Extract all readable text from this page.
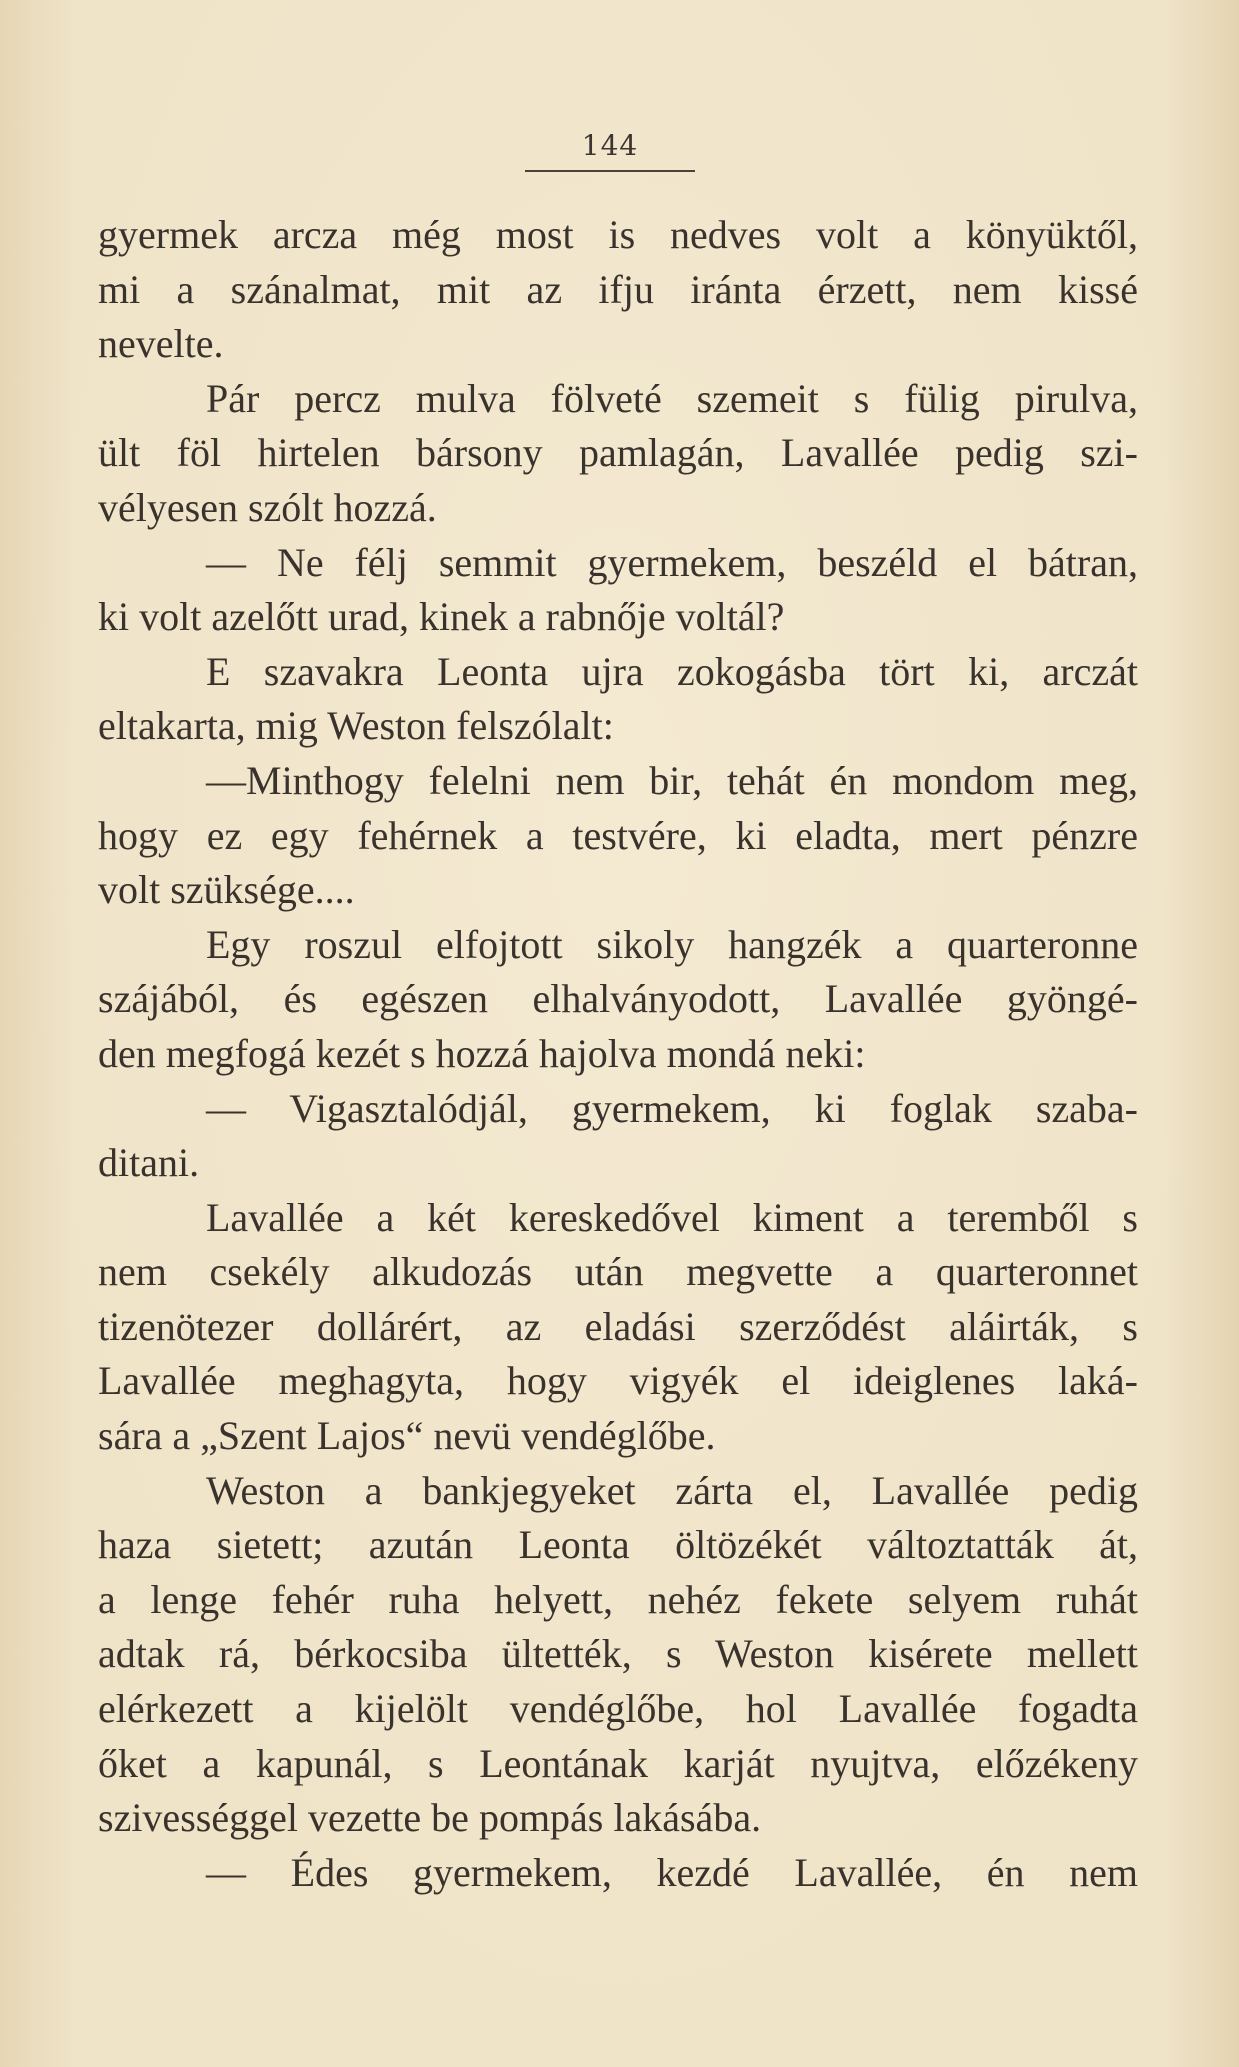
144
gyermek arcza még most is nedves volt a könyüktől,
mi a szánalmat, mit az ifju iránta érzett, nem kissé
nevelte.
Pár percz mulva fölveté szemeit s fülig pirulva,
ült föl hirtelen bársony pamlagán, Lavallée pedig szi-
vélyesen szólt hozzá.
— Ne félj semmit gyermekem, beszéld el bátran,
ki volt azelőtt urad, kinek a rabnője voltál?
E szavakra Leonta ujra zokogásba tört ki, arczát
eltakarta, mig Weston felszólalt:
—Minthogy felelni nem bir, tehát én mondom meg,
hogy ez egy fehérnek a testvére, ki eladta, mert pénzre
volt szüksége....
Egy roszul elfojtott sikoly hangzék a quarteronne
szájából, és egészen elhalványodott, Lavallée gyöngé-
den megfogá kezét s hozzá hajolva mondá neki:
— Vigasztalódjál, gyermekem, ki foglak szaba-
ditani.
Lavallée a két kereskedővel kiment a teremből s
nem csekély alkudozás után megvette a quarteronnet
tizenötezer dollárért, az eladási szerződést aláirták, s
Lavallée meghagyta, hogy vigyék el ideiglenes laká-
sára a „Szent Lajos“ nevü vendéglőbe.
Weston a bankjegyeket zárta el, Lavallée pedig
haza sietett; azután Leonta öltözékét változtatták át,
a lenge fehér ruha helyett, nehéz fekete selyem ruhát
adtak rá, bérkocsiba ültették, s Weston kisérete mellett
elérkezett a kijelölt vendéglőbe, hol Lavallée fogadta
őket a kapunál, s Leontának karját nyujtva, előzékeny
szivességgel vezette be pompás lakásába.
— Édes gyermekem, kezdé Lavallée, én nem
